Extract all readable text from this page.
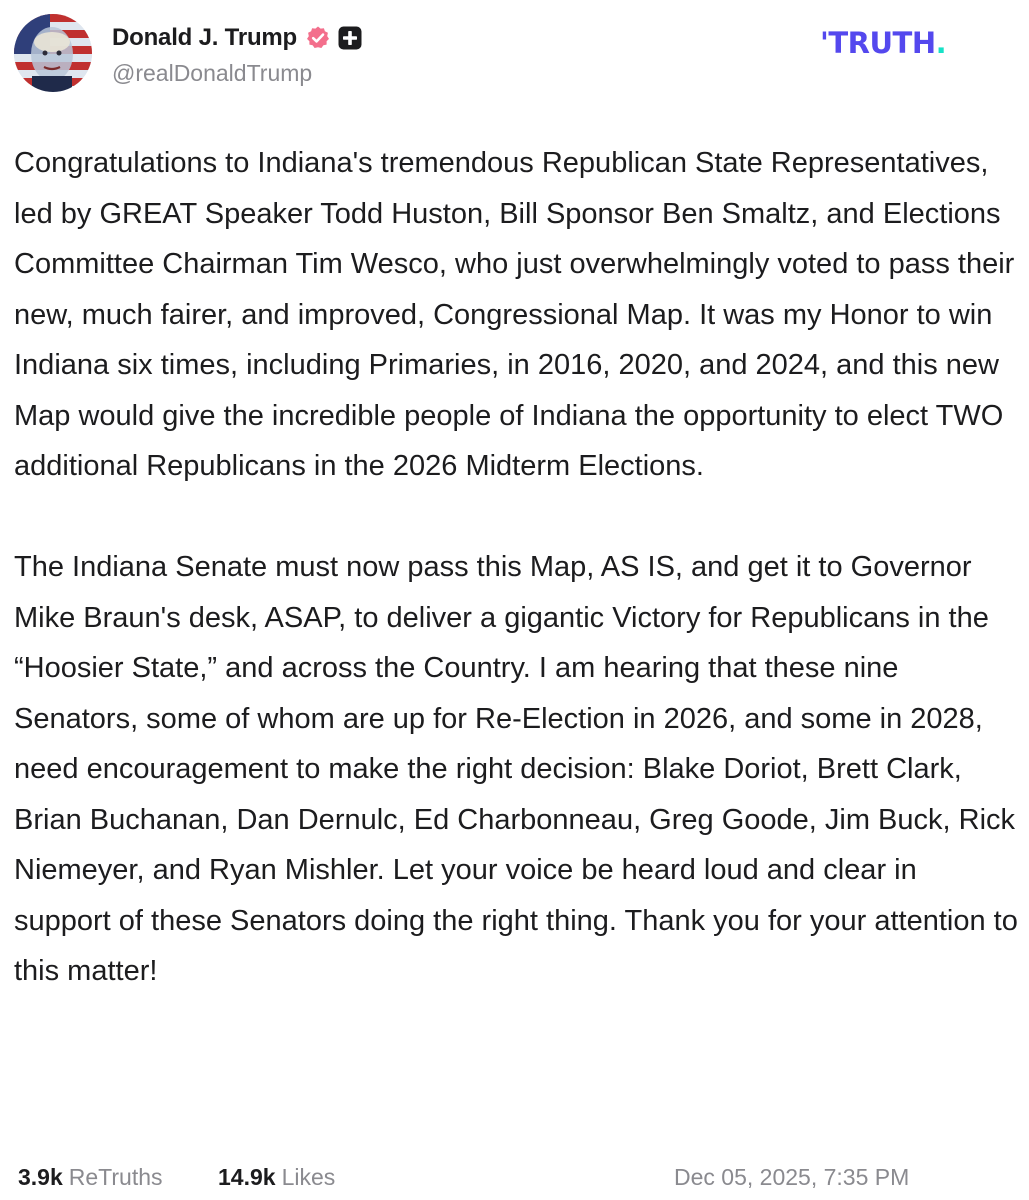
Donald J. Trump
@realDonaldTrump
'TRUTH.

Congratulations to Indiana's tremendous Republican State Representatives, led by GREAT Speaker Todd Huston, Bill Sponsor Ben Smaltz, and Elections Committee Chairman Tim Wesco, who just overwhelmingly voted to pass their new, much fairer, and improved, Congressional Map. It was my Honor to win Indiana six times, including Primaries, in 2016, 2020, and 2024, and this new Map would give the incredible people of Indiana the opportunity to elect TWO additional Republicans in the 2026 Midterm Elections.

The Indiana Senate must now pass this Map, AS IS, and get it to Governor Mike Braun's desk, ASAP, to deliver a gigantic Victory for Republicans in the “Hoosier State,” and across the Country. I am hearing that these nine Senators, some of whom are up for Re-Election in 2026, and some in 2028, need encouragement to make the right decision: Blake Doriot, Brett Clark, Brian Buchanan, Dan Dernulc, Ed Charbonneau, Greg Goode, Jim Buck, Rick Niemeyer, and Ryan Mishler. Let your voice be heard loud and clear in support of these Senators doing the right thing. Thank you for your attention to this matter!

3.9k ReTruths 14.9k Likes	Dec 05, 2025, 7:35 PM
